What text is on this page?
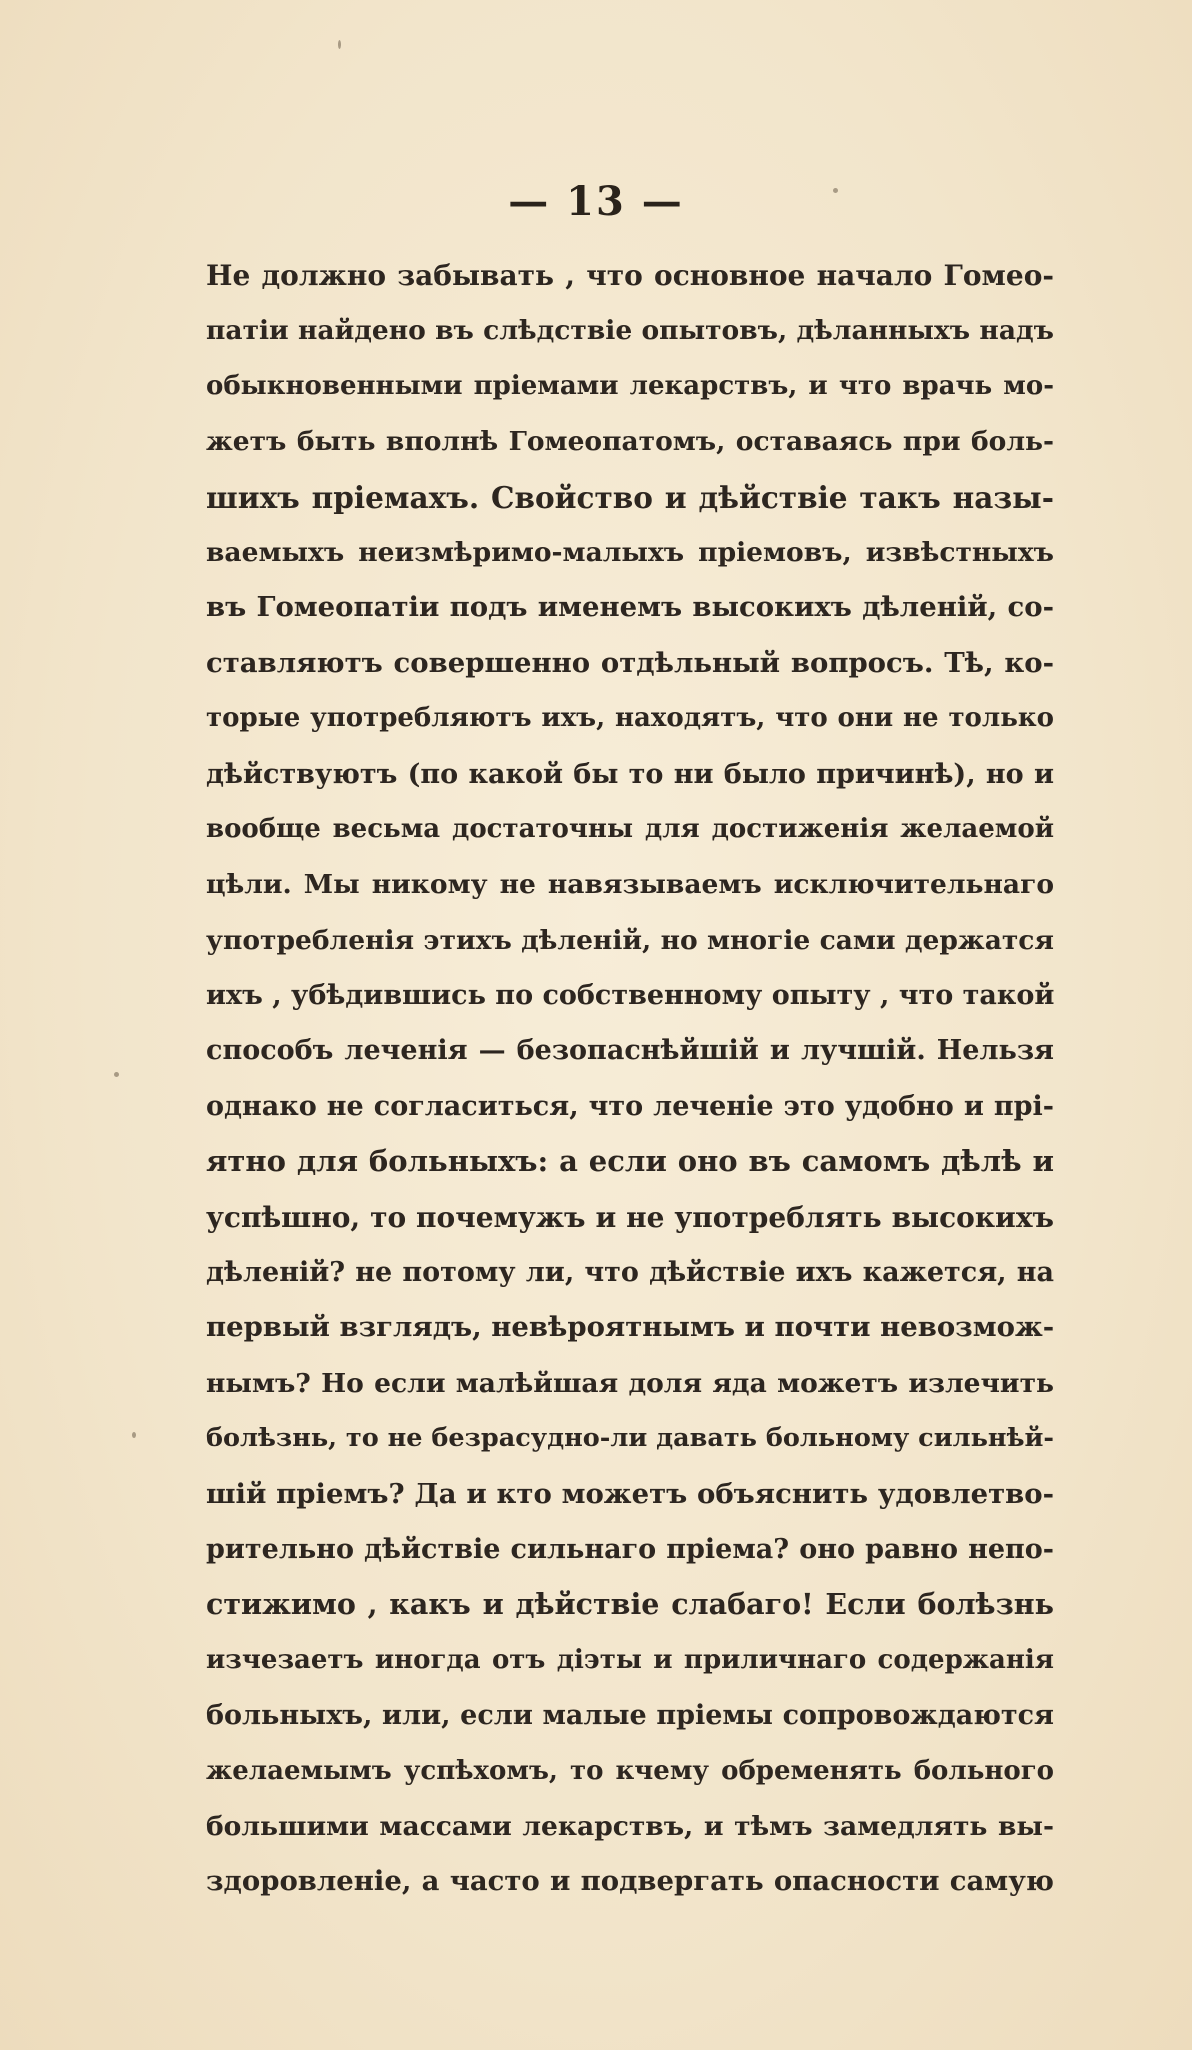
— 13 —
Не должно забывать , что основное начало Гомео-
патіи найдено въ слѣдствіе опытовъ, дѣланныхъ надъ
обыкновенными пріемами лекарствъ, и что врачь мо-
жетъ быть вполнѣ Гомеопатомъ, оставаясь при боль-
шихъ пріемахъ. Свойство и дѣйствіе такъ назы-
ваемыхъ неизмѣримо-малыхъ пріемовъ, извѣстныхъ
въ Гомеопатіи подъ именемъ высокихъ дѣленій, со-
ставляютъ совершенно отдѣльный вопросъ. Тѣ, ко-
торые употребляютъ ихъ, находятъ, что они не только
дѣйствуютъ (по какой бы то ни было причинѣ), но и
вообще весьма достаточны для достиженія желаемой
цѣли. Мы никому не навязываемъ исключительнаго
употребленія этихъ дѣленій, но многіе сами держатся
ихъ , убѣдившись по собственному опыту , что такой
способъ леченія — безопаснѣйшій и лучшій. Нельзя
однако не согласиться, что леченіе это удобно и прі-
ятно для больныхъ: а если оно въ самомъ дѣлѣ и
успѣшно, то почемужъ и не употреблять высокихъ
дѣленій? не потому ли, что дѣйствіе ихъ кажется, на
первый взглядъ, невѣроятнымъ и почти невозмож-
нымъ? Но если малѣйшая доля яда можетъ излечить
болѣзнь, то не безрасудно-ли давать больному сильнѣй-
шій пріемъ? Да и кто можетъ объяснить удовлетво-
рительно дѣйствіе сильнаго пріема? оно равно непо-
стижимо , какъ и дѣйствіе слабаго! Если болѣзнь
изчезаетъ иногда отъ діэты и приличнаго содержанія
больныхъ, или, если малые пріемы сопровождаются
желаемымъ успѣхомъ, то кчему обременять больного
большими массами лекарствъ, и тѣмъ замедлять вы-
здоровленіе, а часто и подвергать опасности самую
